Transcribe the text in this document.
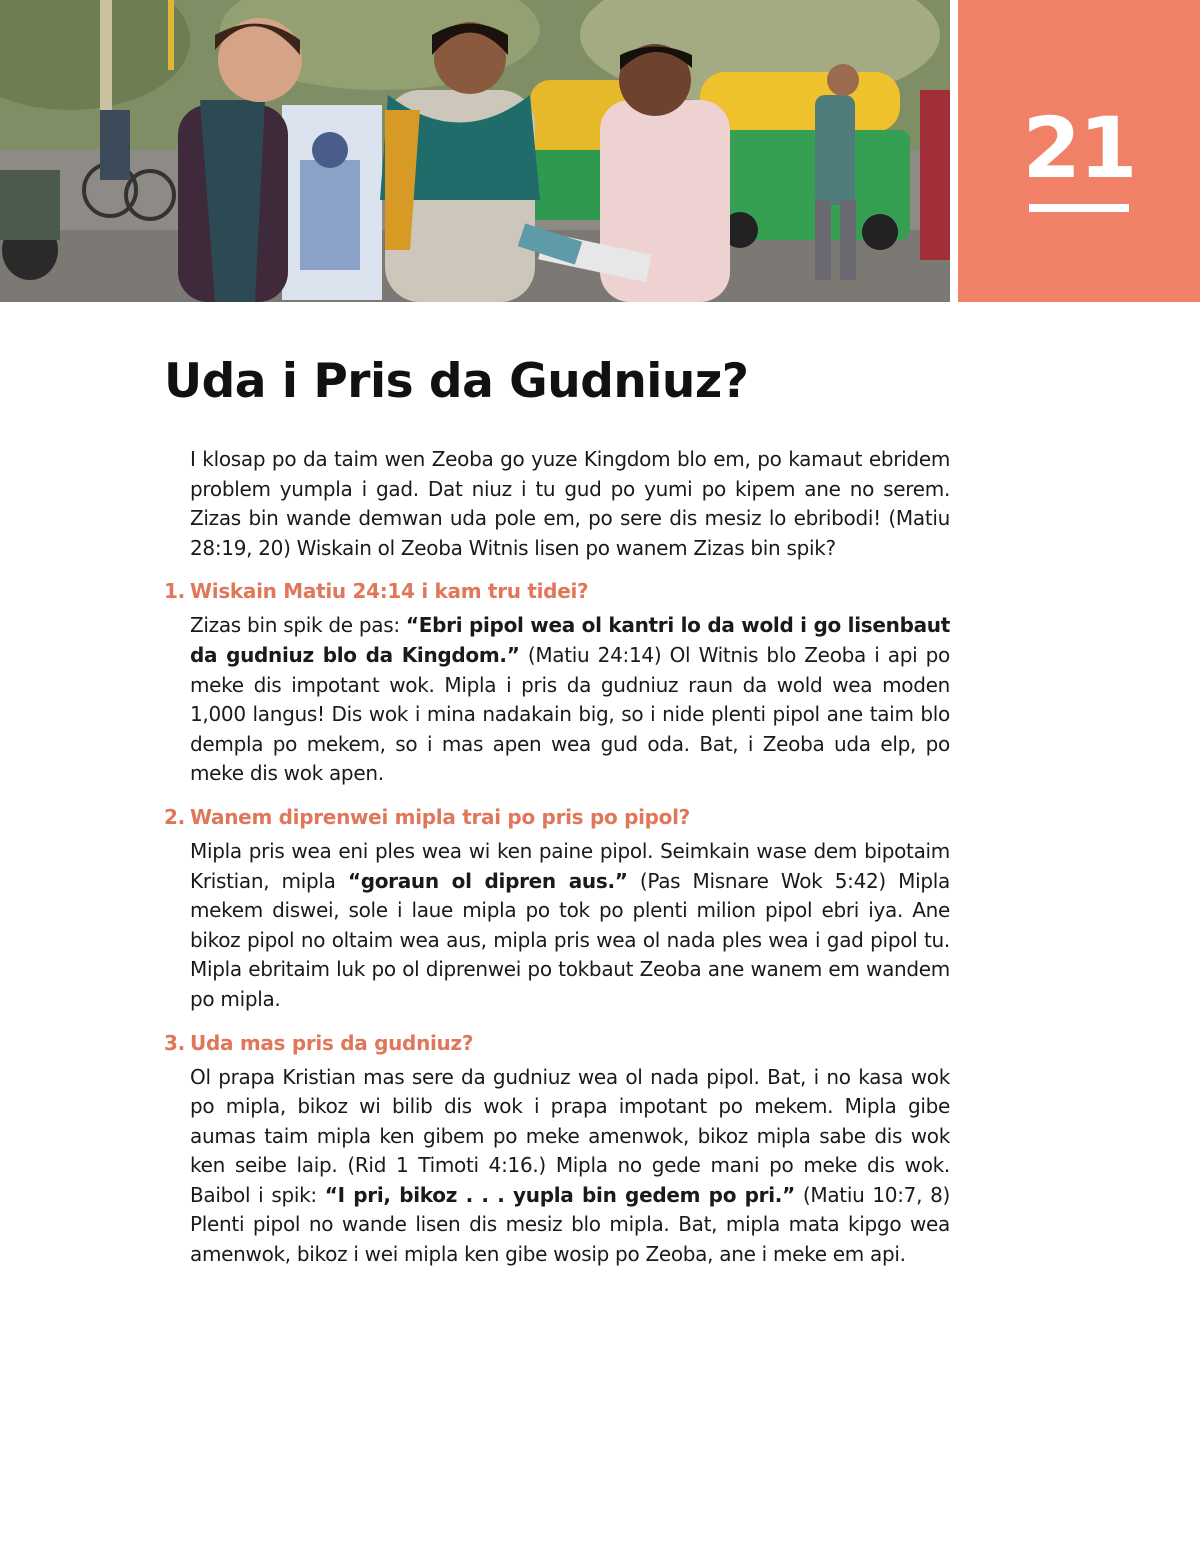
21
Uda i Pris da Gudniuz?

I klosap po da taim wen Zeoba go yuze Kingdom blo em, po kamaut ebridem problem yumpla i gad. Dat niuz i tu gud po yumi po kipem ane no serem. Zizas bin wande demwan uda pole em, po sere dis mesiz lo ebribodi! (Matiu 28:19, 20) Wiskain ol Zeoba Witnis lisen po wanem Zizas bin spik?

1. Wiskain Matiu 24:14 i kam tru tidei?

Zizas bin spik de pas: “Ebri pipol wea ol kantri lo da wold i go lisenbaut da gudniuz blo da Kingdom.” (Matiu 24:14) Ol Witnis blo Zeoba i api po meke dis impotant wok. Mipla i pris da gudniuz raun da wold wea moden 1,000 langus! Dis wok i mina nadakain big, so i nide plenti pipol ane taim blo dempla po mekem, so i mas apen wea gud oda. Bat, i Zeoba uda elp, po meke dis wok apen.

2. Wanem diprenwei mipla trai po pris po pipol?

Mipla pris wea eni ples wea wi ken paine pipol. Seimkain wase dem bipotaim Kristian, mipla “goraun ol dipren aus.” (Pas Misnare Wok 5:42) Mipla mekem diswei, sole i laue mipla po tok po plenti milion pipol ebri iya. Ane bikoz pipol no oltaim wea aus, mipla pris wea ol nada ples wea i gad pipol tu. Mipla ebritaim luk po ol diprenwei po tokbaut Zeoba ane wanem em wandem po mipla.

3. Uda mas pris da gudniuz?

Ol prapa Kristian mas sere da gudniuz wea ol nada pipol. Bat, i no kasa wok po mipla, bikoz wi bilib dis wok i prapa impotant po mekem. Mipla gibe aumas taim mipla ken gibem po meke amenwok, bikoz mipla sabe dis wok ken seibe laip. (Rid 1 Timoti 4:16.) Mipla no gede mani po meke dis wok. Baibol i spik: “I pri, bikoz . . . yupla bin gedem po pri.” (Matiu 10:7, 8) Plenti pipol no wande lisen dis mesiz blo mipla. Bat, mipla mata kipgo wea amenwok, bikoz i wei mipla ken gibe wosip po Zeoba, ane i meke em api.
